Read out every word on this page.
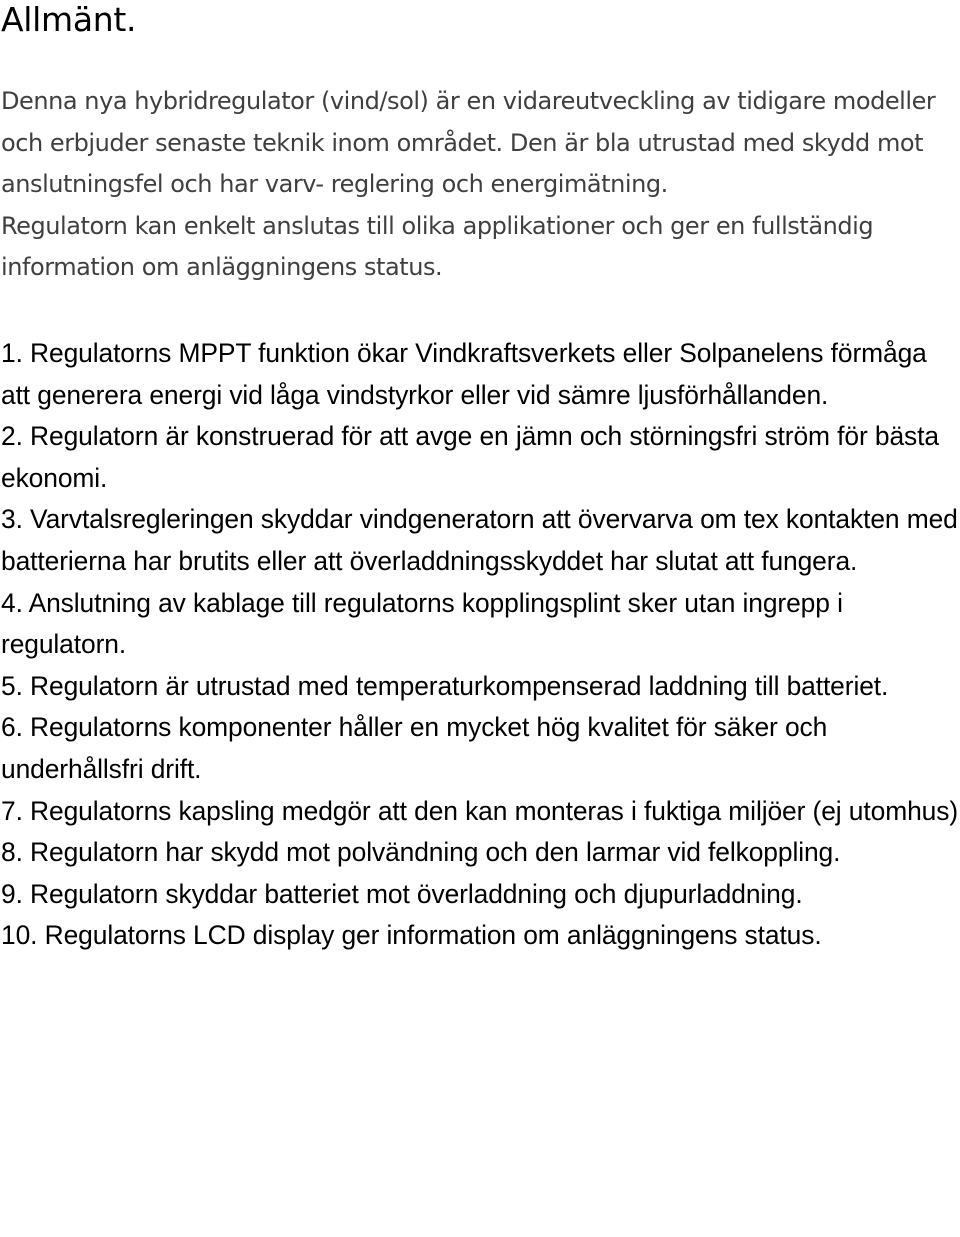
Allmänt.

Denna nya hybridregulator (vind/sol) är en vidareutveckling av tidigare modeller och erbjuder senaste teknik inom området. Den är bla utrustad med skydd mot anslutningsfel och har varv- reglering och energimätning.

Regulatorn kan enkelt anslutas till olika applikationer och ger en fullständig information om anläggningens status.

1. Regulatorns MPPT funktion ökar Vindkraftsverkets eller Solpanelens förmåga att generera energi vid låga vindstyrkor eller vid sämre ljusförhållanden.
2. Regulatorn är konstruerad för att avge en jämn och störningsfri ström för bästa ekonomi.
3. Varvtalsregleringen skyddar vindgeneratorn att övervarva om tex kontakten med batterierna har brutits eller att överladdningsskyddet har slutat att fungera.
4. Anslutning av kablage till regulatorns kopplingsplint sker utan ingrepp i regulatorn.
5. Regulatorn är utrustad med temperaturkompenserad laddning till batteriet.
6. Regulatorns komponenter håller en mycket hög kvalitet för säker och underhållsfri drift.
7. Regulatorns kapsling medgör att den kan monteras i fuktiga miljöer (ej utomhus)
8. Regulatorn har skydd mot polvändning och den larmar vid felkoppling.
9. Regulatorn skyddar batteriet mot överladdning och djupurladdning.
10. Regulatorns LCD display ger information om anläggningens status.
